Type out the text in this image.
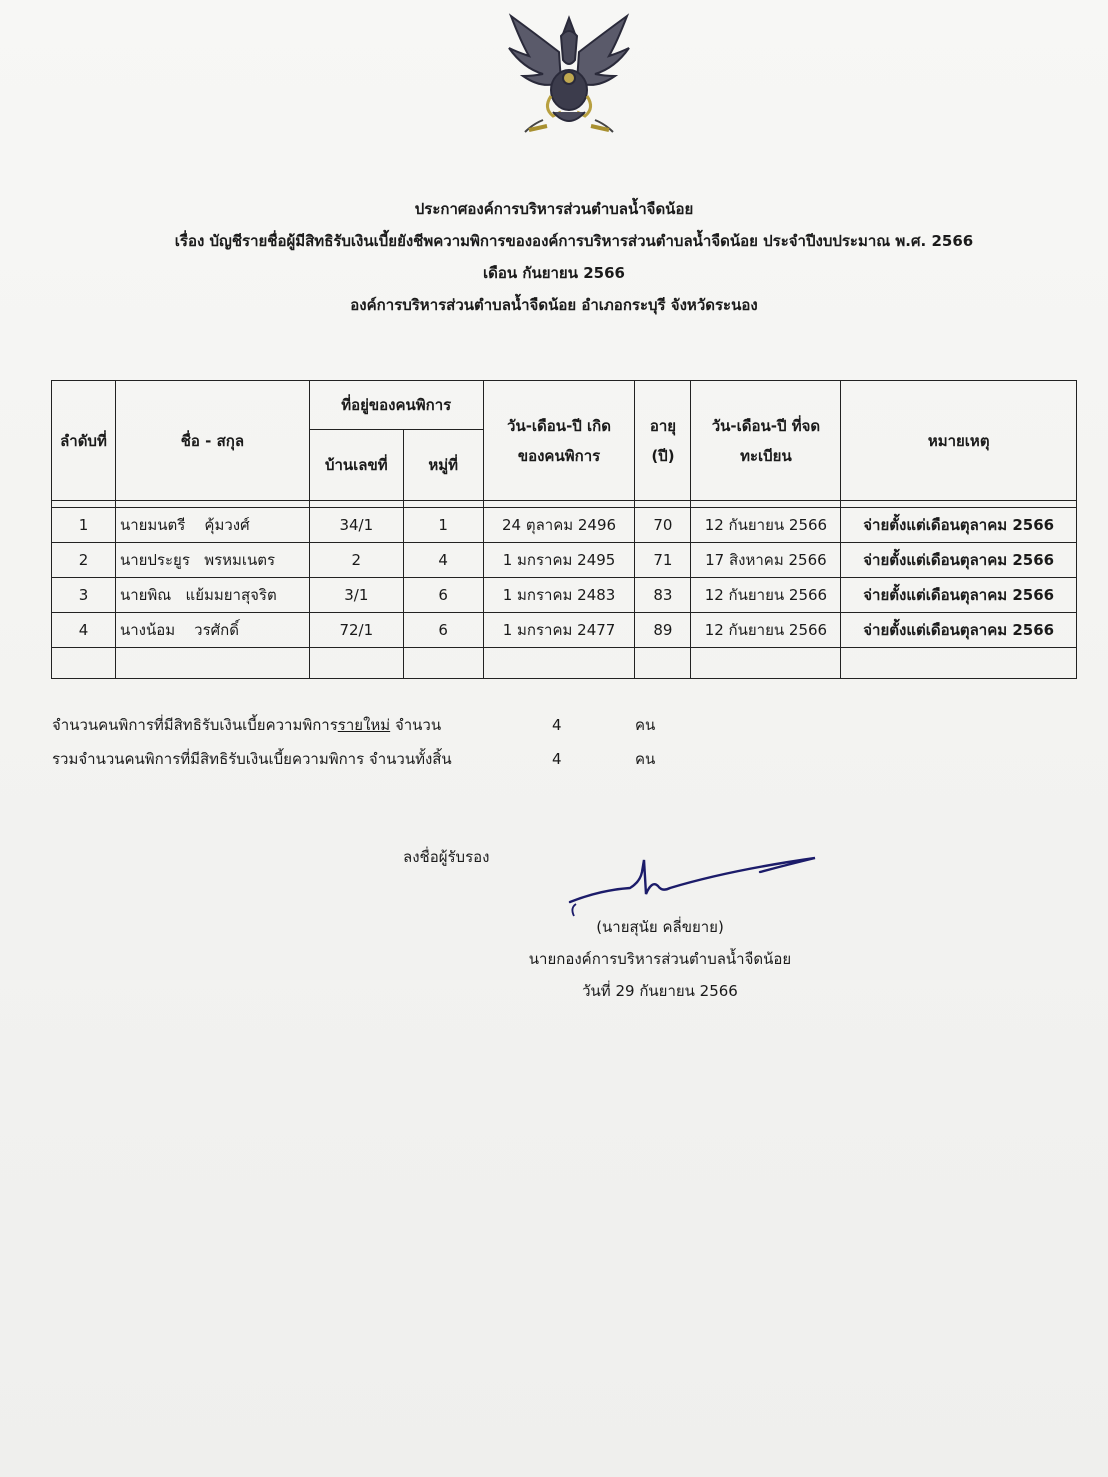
ประกาศองค์การบริหารส่วนตำบลน้ำจืดน้อย
เรื่อง บัญชีรายชื่อผู้มีสิทธิรับเงินเบี้ยยังชีพความพิการขององค์การบริหารส่วนตำบลน้ำจืดน้อย ประจำปีงบประมาณ พ.ศ. 2566
เดือน กันยายน 2566
องค์การบริหารส่วนตำบลน้ำจืดน้อย อำเภอกระบุรี จังหวัดระนอง
ลำดับที่	ชื่อ - สกุล	ที่อยู่ของคนพิการ		วัน-เดือน-ปี เกิด ของคนพิการ	อายุ (ปี)	วัน-เดือน-ปี ที่จด ทะเบียน	หมายเหตุ
		บ้านเลขที่	หมู่ที่				

1	นายมนตรี คุ้มวงศ์	34/1	1	24 ตุลาคม 2496	70	12 กันยายน 2566	จ่ายตั้งแต่เดือนตุลาคม 2566
2	นายประยูร พรหมเนตร	2	4	1 มกราคม 2495	71	17 สิงหาคม 2566	จ่ายตั้งแต่เดือนตุลาคม 2566
3	นายพิณ แย้มมยาสุจริต	3/1	6	1 มกราคม 2483	83	12 กันยายน 2566	จ่ายตั้งแต่เดือนตุลาคม 2566
4	นางน้อม วรศักดิ์	72/1	6	1 มกราคม 2477	89	12 กันยายน 2566	จ่ายตั้งแต่เดือนตุลาคม 2566

จำนวนคนพิการที่มีสิทธิรับเงินเบี้ยความพิการรายใหม่ จำนวน	4	คน
รวมจำนวนคนพิการที่มีสิทธิรับเงินเบี้ยความพิการ จำนวนทั้งสิ้น	4	คน
ลงชื่อผู้รับรอง
(นายสุนัย คลี่ขยาย)
นายกองค์การบริหารส่วนตำบลน้ำจืดน้อย
วันที่ 29 กันยายน 2566
